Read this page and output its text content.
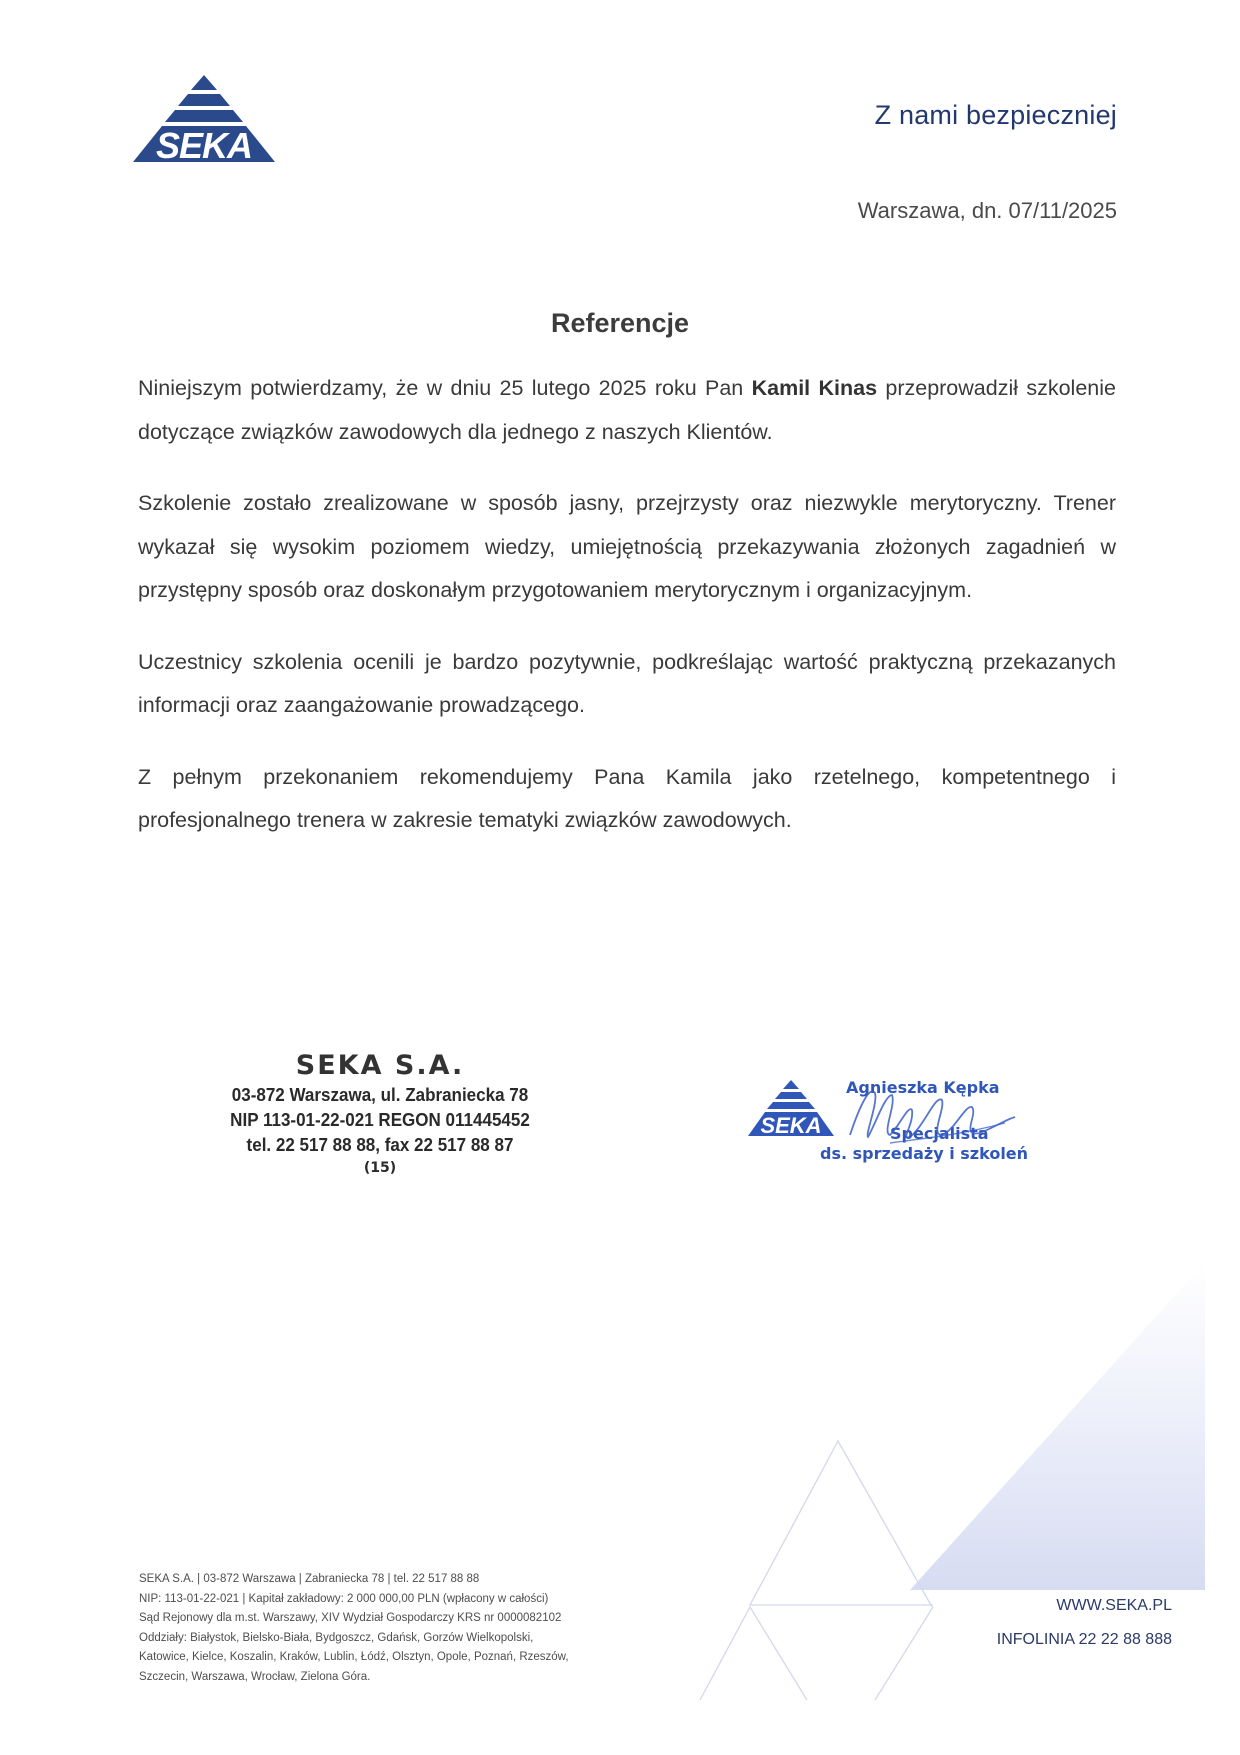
SEKA
Z nami bezpieczniej
Warszawa, dn. 07/11/2025
Referencje

Niniejszym potwierdzamy, że w dniu 25 lutego 2025 roku Pan Kamil Kinas przeprowadził szkolenie dotyczące związków zawodowych dla jednego z naszych Klientów.

Szkolenie zostało zrealizowane w sposób jasny, przejrzysty oraz niezwykle merytoryczny. Trener wykazał się wysokim poziomem wiedzy, umiejętnością przekazywania złożonych zagadnień w przystępny sposób oraz doskonałym przygotowaniem merytorycznym i organizacyjnym.

Uczestnicy szkolenia ocenili je bardzo pozytywnie, podkreślając wartość praktyczną przekazanych informacji oraz zaangażowanie prowadzącego.

Z pełnym przekonaniem rekomendujemy Pana Kamila jako rzetelnego, kompetentnego i profesjonalnego trenera w zakresie tematyki związków zawodowych.

SEKA S.A.
03-872 Warszawa, ul. Zabraniecka 78
NIP 113-01-22-021 REGON 011445452
tel. 22 517 88 88, fax 22 517 88 87
(15)
SEKA
Agnieszka Kępka
Specjalista
ds. sprzedaży i szkoleń
SEKA S.A. | 03-872 Warszawa | Zabraniecka 78 | tel. 22 517 88 88
NIP: 113-01-22-021 | Kapitał zakładowy: 2 000 000,00 PLN (wpłacony w całości)
Sąd Rejonowy dla m.st. Warszawy, XIV Wydział Gospodarczy KRS nr 0000082102
Oddziały: Białystok, Bielsko-Biała, Bydgoszcz, Gdańsk, Gorzów Wielkopolski,
Katowice, Kielce, Koszalin, Kraków, Lublin, Łódź, Olsztyn, Opole, Poznań, Rzeszów,
Szczecin, Warszawa, Wrocław, Zielona Góra.
WWW.SEKA.PL
INFOLINIA 22 22 88 888
